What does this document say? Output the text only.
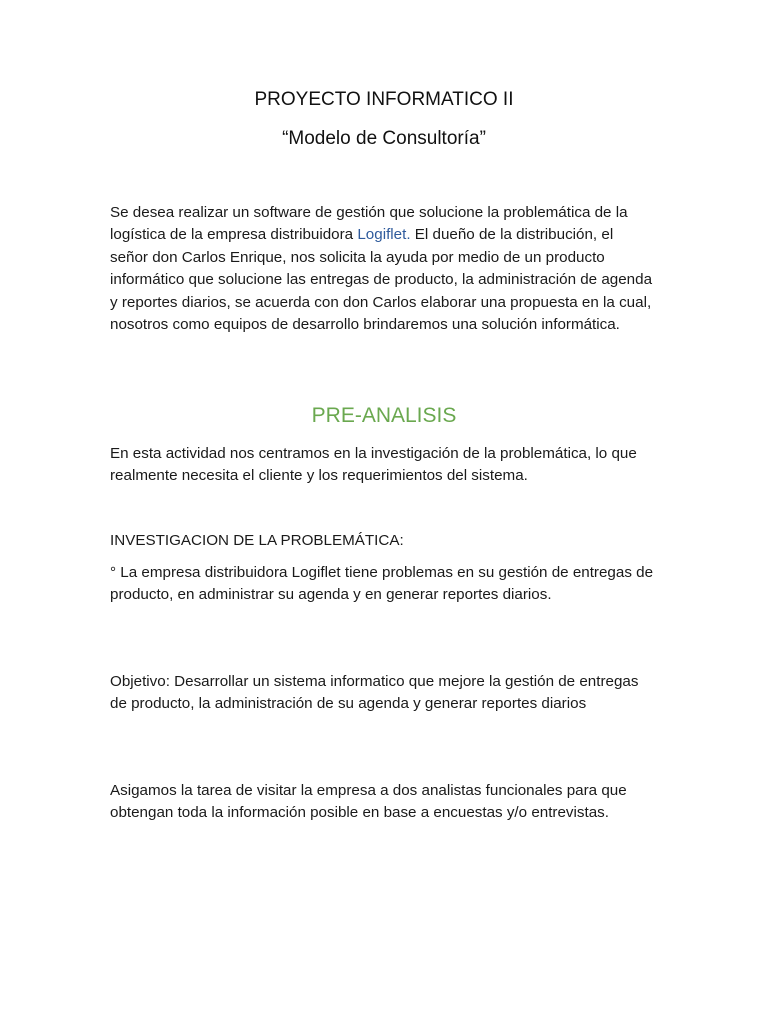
PROYECTO INFORMATICO II
“Modelo de Consultoría”
Se desea realizar un software de gestión que solucione la problemática de la logística de la empresa distribuidora Logiflet. El dueño de la distribución, el señor don Carlos Enrique, nos solicita la ayuda por medio de un producto informático que solucione las entregas de producto, la administración de agenda y reportes diarios, se acuerda con don Carlos elaborar una propuesta en la cual, nosotros como equipos de desarrollo brindaremos una solución informática.
PRE-ANALISIS
En esta actividad nos centramos en la investigación de la problemática, lo que realmente necesita el cliente y los requerimientos del sistema.
INVESTIGACION DE LA PROBLEMÁTICA:
° La empresa distribuidora Logiflet tiene problemas en su gestión de entregas de producto, en administrar su agenda y en generar reportes diarios.
Objetivo: Desarrollar un sistema informatico que mejore la gestión de entregas de producto, la administración de su agenda y generar reportes diarios
Asigamos la tarea de visitar la empresa a dos analistas funcionales para que obtengan toda la información posible en base a encuestas y/o entrevistas.
